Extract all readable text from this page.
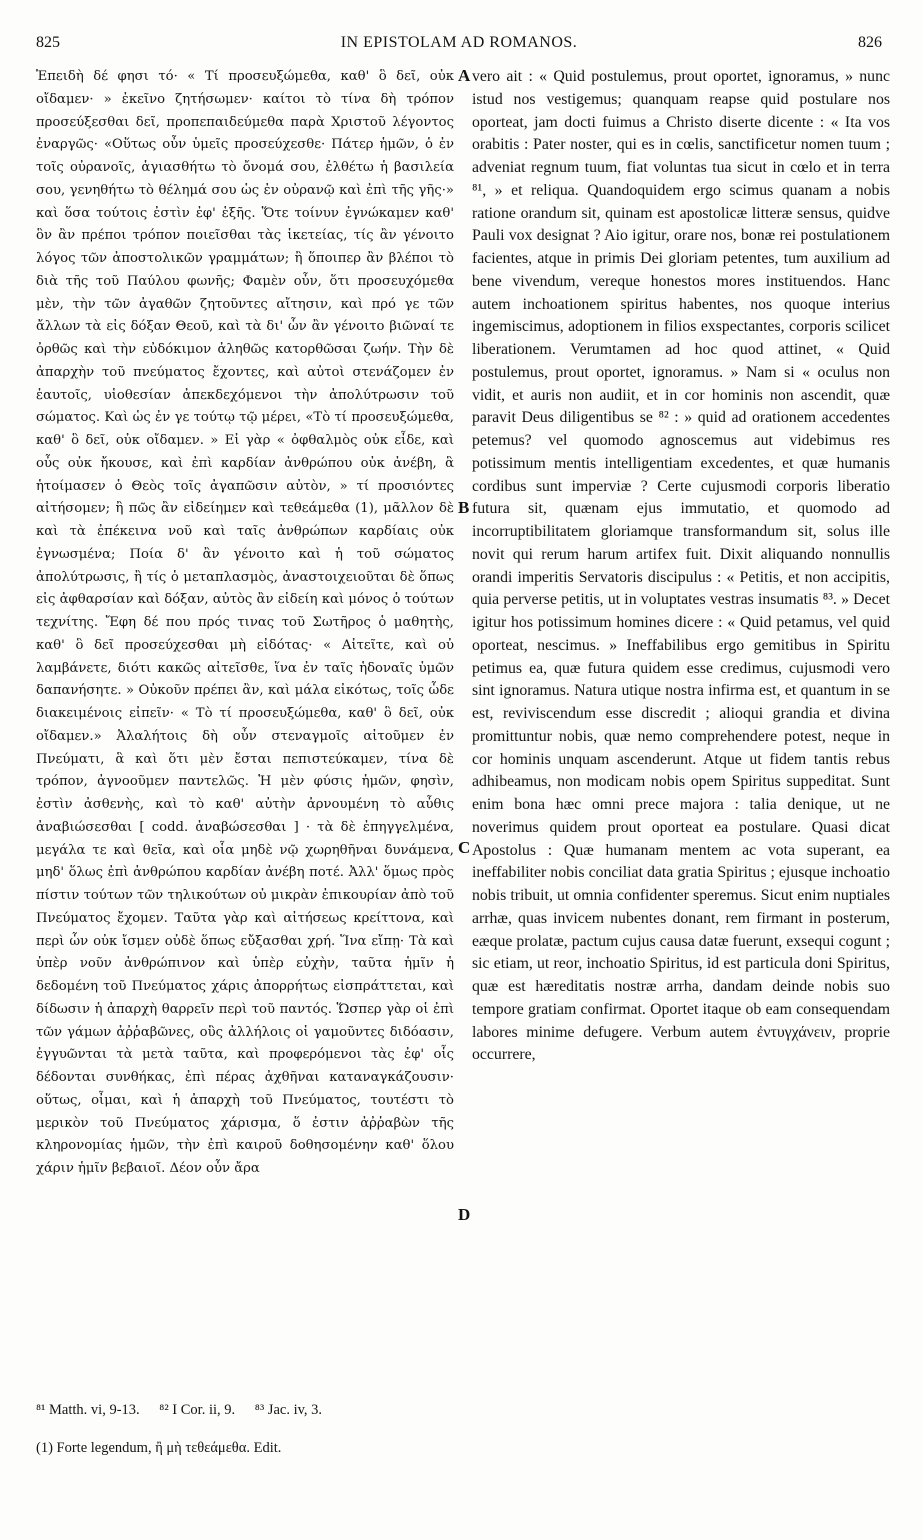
825	IN EPISTOLAM AD ROMANOS.	826

Ἐπειδὴ δέ φησι τό· « Τί προσευξώμεθα, καθ' ὃ δεῖ, οὐκ οἴδαμεν· » ἐκεῖνο ζητήσωμεν· καίτοι τὸ τίνα δὴ τρόπον προσεύξεσθαι δεῖ, προπεπαιδεύμεθα παρὰ Χριστοῦ λέγοντος ἐναργῶς· «Οὕτως οὖν ὑμεῖς προσεύχεσθε· Πάτερ ἡμῶν, ὁ ἐν τοῖς οὐρανοῖς, ἁγιασθήτω τὸ ὄνομά σου, ἐλθέτω ἡ βασιλεία σου, γενηθήτω τὸ θέλημά σου ὡς ἐν οὐρανῷ καὶ ἐπὶ τῆς γῆς·» καὶ ὅσα τούτοις ἐστὶν ἐφ' ἑξῆς. Ὅτε τοίνυν ἐγνώκαμεν καθ' ὃν ἂν πρέποι τρόπον ποιεῖσθαι τὰς ἱκετείας, τίς ἂν γένοιτο λόγος τῶν ἀποστολικῶν γραμμάτων; ἢ ὅποιπερ ἂν βλέποι τὸ διὰ τῆς τοῦ Παύλου φωνῆς; Φαμὲν οὖν, ὅτι προσευχόμεθα μὲν, τὴν τῶν ἀγαθῶν ζητοῦντες αἴτησιν, καὶ πρό γε τῶν ἄλλων τὰ εἰς δόξαν Θεοῦ, καὶ τὰ δι' ὧν ἂν γένοιτο βιῶναί τε ὀρθῶς καὶ τὴν εὐδόκιμον ἀληθῶς κατορθῶσαι ζωήν. Τὴν δὲ ἀπαρχὴν τοῦ πνεύματος ἔχοντες, καὶ αὐτοὶ στενάζομεν ἐν ἑαυτοῖς, υἱοθεσίαν ἀπεκδεχόμενοι τὴν ἀπολύτρωσιν τοῦ σώματος. Καὶ ὡς ἐν γε τούτῳ τῷ μέρει, «Τὸ τί προσευξώμεθα, καθ' ὃ δεῖ, οὐκ οἴδαμεν. » Εἰ γὰρ « ὀφθαλμὸς οὐκ εἶδε, καὶ οὖς οὐκ ἤκουσε, καὶ ἐπὶ καρδίαν ἀνθρώπου οὐκ ἀνέβη, ἃ ἡτοίμασεν ὁ Θεὸς τοῖς ἀγαπῶσιν αὐτὸν, » τί προσιόντες αἰτήσομεν; ἢ πῶς ἂν εἰδείημεν καὶ τεθεάμεθα (1), μᾶλλον δὲ καὶ τὰ ἐπέκεινα νοῦ καὶ ταῖς ἀνθρώπων καρδίαις οὐκ ἐγνωσμένα; Ποία δ' ἂν γένοιτο καὶ ἡ τοῦ σώματος ἀπολύτρωσις, ἢ τίς ὁ μεταπλασμὸς, ἀναστοιχειοῦται δὲ ὅπως εἰς ἀφθαρσίαν καὶ δόξαν, αὐτὸς ἂν εἰδείη καὶ μόνος ὁ τούτων τεχνίτης. Ἔφη δέ που πρός τινας τοῦ Σωτῆρος ὁ μαθητὴς, καθ' ὃ δεῖ προσεύχεσθαι μὴ εἰδότας· « Αἰτεῖτε, καὶ οὐ λαμβάνετε, διότι κακῶς αἰτεῖσθε, ἵνα ἐν ταῖς ἡδοναῖς ὑμῶν δαπανήσητε. » Οὐκοῦν πρέπει ἂν, καὶ μάλα εἰκότως, τοῖς ὧδε διακειμένοις εἰπεῖν· « Τὸ τί προσευξώμεθα, καθ' ὃ δεῖ, οὐκ οἴδαμεν.» Ἀλαλήτοις δὴ οὖν στεναγμοῖς αἰτοῦμεν ἐν Πνεύματι, ἃ καὶ ὅτι μὲν ἔσται πεπιστεύκαμεν, τίνα δὲ τρόπον, ἀγνοοῦμεν παντελῶς. Ἡ μὲν φύσις ἡμῶν, φησὶν, ἐστὶν ἀσθενὴς, καὶ τὸ καθ' αὐτὴν ἀρνουμένη τὸ αὖθις ἀναβιώσεσθαι [ codd. ἀναβώσεσθαι ] · τὰ δὲ ἐπηγγελμένα, μεγάλα τε καὶ θεῖα, καὶ οἷα μηδὲ νῷ χωρηθῆναι δυνάμενα, μηδ' ὅλως ἐπὶ ἀνθρώπου καρδίαν ἀνέβη ποτέ. Ἀλλ' ὅμως πρὸς πίστιν τούτων τῶν τηλικούτων οὐ μικρὰν ἐπικουρίαν ἀπὸ τοῦ Πνεύματος ἔχομεν. Ταῦτα γὰρ καὶ αἰτήσεως κρείττονα, καὶ περὶ ὧν οὐκ ἴσμεν οὐδὲ ὅπως εὔξασθαι χρή. Ἵνα εἴπῃ· Τὰ καὶ ὑπὲρ νοῦν ἀνθρώπινον καὶ ὑπὲρ εὐχὴν, ταῦτα ἡμῖν ἡ δεδομένη τοῦ Πνεύματος χάρις ἀπορρήτως εἰσπράττεται, καὶ δίδωσιν ἡ ἀπαρχὴ θαρρεῖν περὶ τοῦ παντός. Ὥσπερ γὰρ οἱ ἐπὶ τῶν γάμων ἀῤῥαβῶνες, οὓς ἀλλήλοις οἱ γαμοῦντες διδόασιν, ἐγγυῶνται τὰ μετὰ ταῦτα, καὶ προφερόμενοι τὰς ἐφ' οἷς δέδονται συνθήκας, ἐπὶ πέρας ἀχθῆναι καταναγκάζουσιν· οὕτως, οἶμαι, καὶ ἡ ἀπαρχὴ τοῦ Πνεύματος, τουτέστι τὸ μερικὸν τοῦ Πνεύματος χάρισμα, ὅ ἐστιν ἀῤῥαβὼν τῆς κληρονομίας ἡμῶν, τὴν ἐπὶ καιροῦ δοθησομένην καθ' ὅλου χάριν ἡμῖν βεβαιοῖ. Δέον οὖν ἄρα

A
B
C
D

vero ait : « Quid postulemus, prout oportet, ignoramus, » nunc istud nos vestigemus; quanquam reapse quid postulare nos oporteat, jam docti fuimus a Christo diserte dicente : « Ita vos orabitis : Pater noster, qui es in cœlis, sanctificetur nomen tuum ; adveniat regnum tuum, fiat voluntas tua sicut in cœlo et in terra ⁸¹, » et reliqua. Quandoquidem ergo scimus quanam a nobis ratione orandum sit, quinam est apostolicæ litteræ sensus, quidve Pauli vox designat ? Aio igitur, orare nos, bonæ rei postulationem facientes, atque in primis Dei gloriam petentes, tum auxilium ad bene vivendum, vereque honestos mores instituendos. Hanc autem inchoationem spiritus habentes, nos quoque interius ingemiscimus, adoptionem in filios exspectantes, corporis scilicet liberationem. Verumtamen ad hoc quod attinet, « Quid postulemus, prout oportet, ignoramus. » Nam si « oculus non vidit, et auris non audiit, et in cor hominis non ascendit, quæ paravit Deus diligentibus se ⁸² : » quid ad orationem accedentes petemus? vel quomodo agnoscemus aut videbimus res potissimum mentis intelligentiam excedentes, et quæ humanis cordibus sunt imperviæ ? Certe cujusmodi corporis liberatio futura sit, quænam ejus immutatio, et quomodo ad incorruptibilitatem gloriamque transformandum sit, solus ille novit qui rerum harum artifex fuit. Dixit aliquando nonnullis orandi imperitis Servatoris discipulus : « Petitis, et non accipitis, quia perverse petitis, ut in voluptates vestras insumatis ⁸³. » Decet igitur hos potissimum homines dicere : « Quid petamus, vel quid oporteat, nescimus. » Ineffabilibus ergo gemitibus in Spiritu petimus ea, quæ futura quidem esse credimus, cujusmodi vero sint ignoramus. Natura utique nostra infirma est, et quantum in se est, reviviscendum esse discredit ; alioqui grandia et divina promittuntur nobis, quæ nemo comprehendere potest, neque in cor hominis unquam ascenderunt. Atque ut fidem tantis rebus adhibeamus, non modicam nobis opem Spiritus suppeditat. Sunt enim bona hæc omni prece majora : talia denique, ut ne noverimus quidem prout oporteat ea postulare. Quasi dicat Apostolus : Quæ humanam mentem ac vota superant, ea ineffabiliter nobis conciliat data gratia Spiritus ; ejusque inchoatio nobis tribuit, ut omnia confidenter speremus. Sicut enim nuptiales arrhæ, quas invicem nubentes donant, rem firmant in posterum, eæque prolatæ, pactum cujus causa datæ fuerunt, exsequi cogunt ; sic etiam, ut reor, inchoatio Spiritus, id est particula doni Spiritus, quæ est hæreditatis nostræ arrha, dandam deinde nobis suo tempore gratiam confirmat. Oportet itaque ob eam consequendam labores minime defugere. Verbum autem ἐντυγχάνειν, proprie occurrere,

⁸¹ Matth. vi, 9-13. ⁸² I Cor. ii, 9. ⁸³ Jac. iv, 3.
(1) Forte legendum, ἢ μὴ τεθεάμεθα. Edit.
